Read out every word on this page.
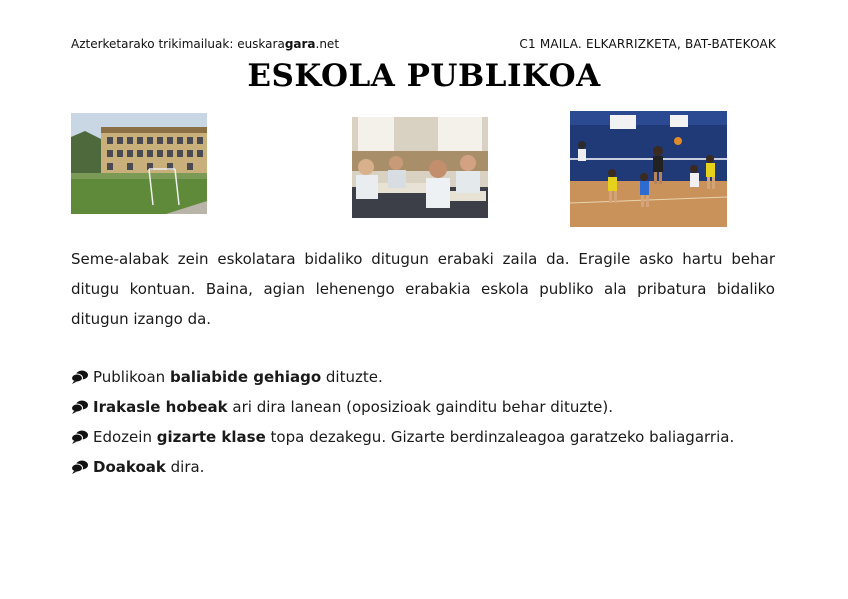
Azterketarako trikimailuak: euskaragara.net	C1 MAILA. ELKARRIZKETA, BAT-BATEKOAK
ESKOLA PUBLIKOA
Seme-alabak zein eskolatara bidaliko ditugun erabaki zaila da. Eragile asko hartu behar ditugu kontuan. Baina, agian lehenengo erabakia eskola publiko ala pribatura bidaliko ditugun izango da.
Publikoan baliabide gehiago dituzte.
Irakasle hobeak ari dira lanean (oposizioak gainditu behar dituzte).
Edozein gizarte klase topa dezakegu. Gizarte berdinzaleagoa garatzeko baliagarria.
Doakoak dira.
